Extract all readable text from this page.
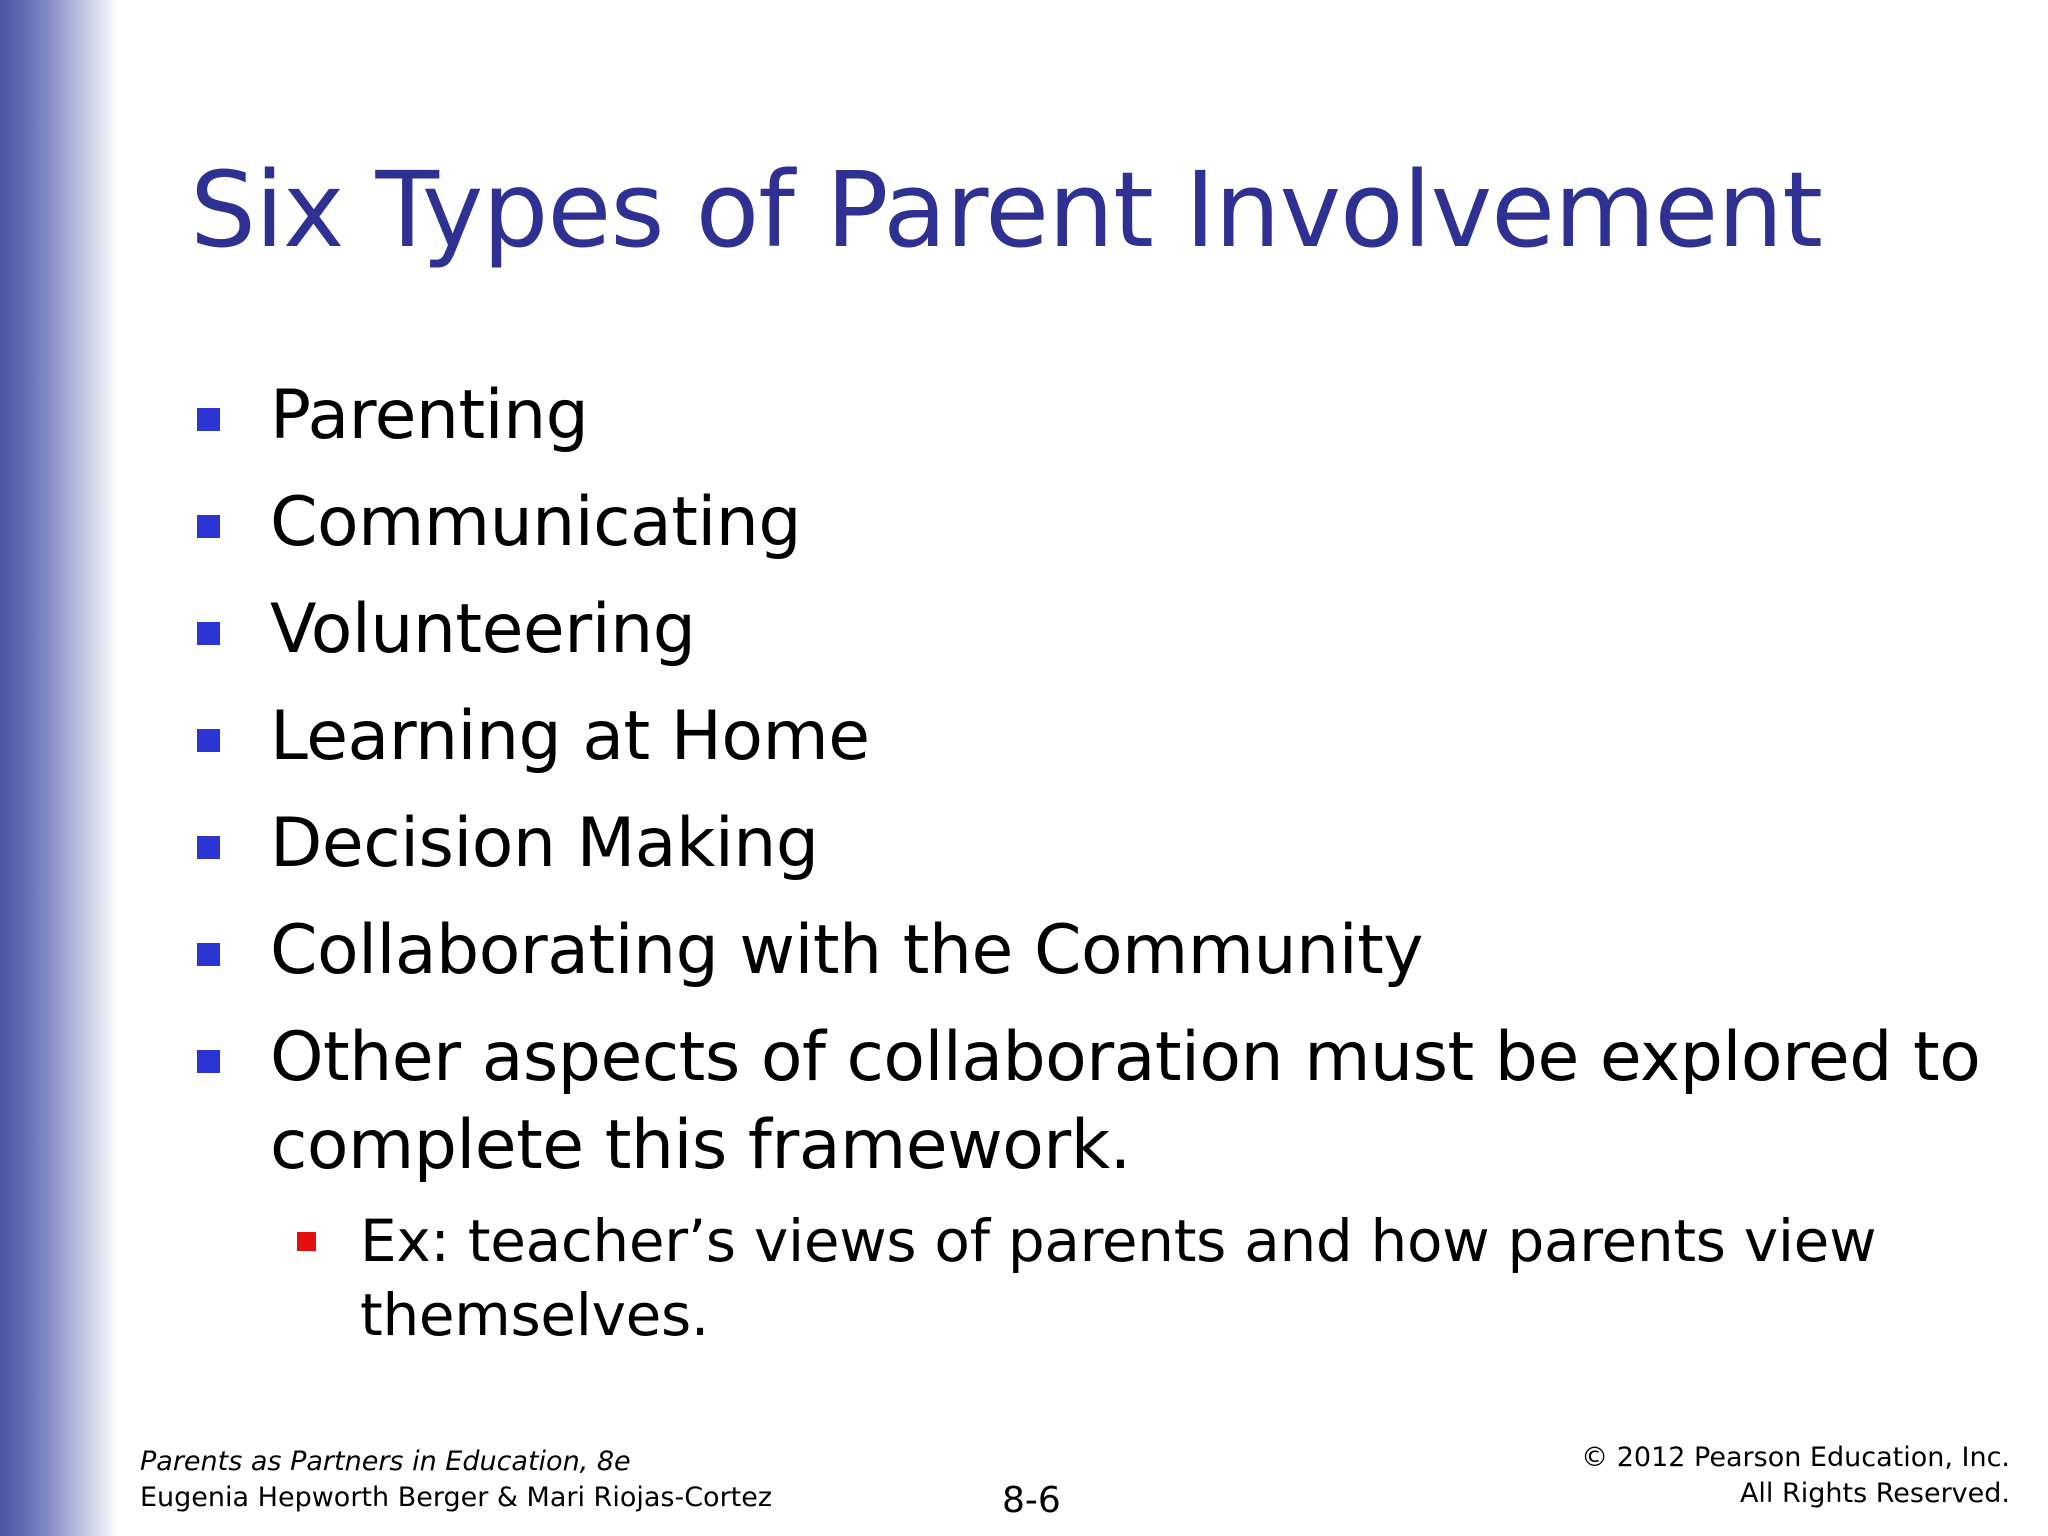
Six Types of Parent Involvement
Parenting
Communicating
Volunteering
Learning at Home
Decision Making
Collaborating with the Community
Other aspects of collaboration must be explored to
complete this framework.
Ex: teacher’s views of parents and how parents view
themselves.
Parents as Partners in Education, 8e
Eugenia Hepworth Berger & Mari Riojas-Cortez	8-6
© 2012 Pearson Education, Inc.
All Rights Reserved.
